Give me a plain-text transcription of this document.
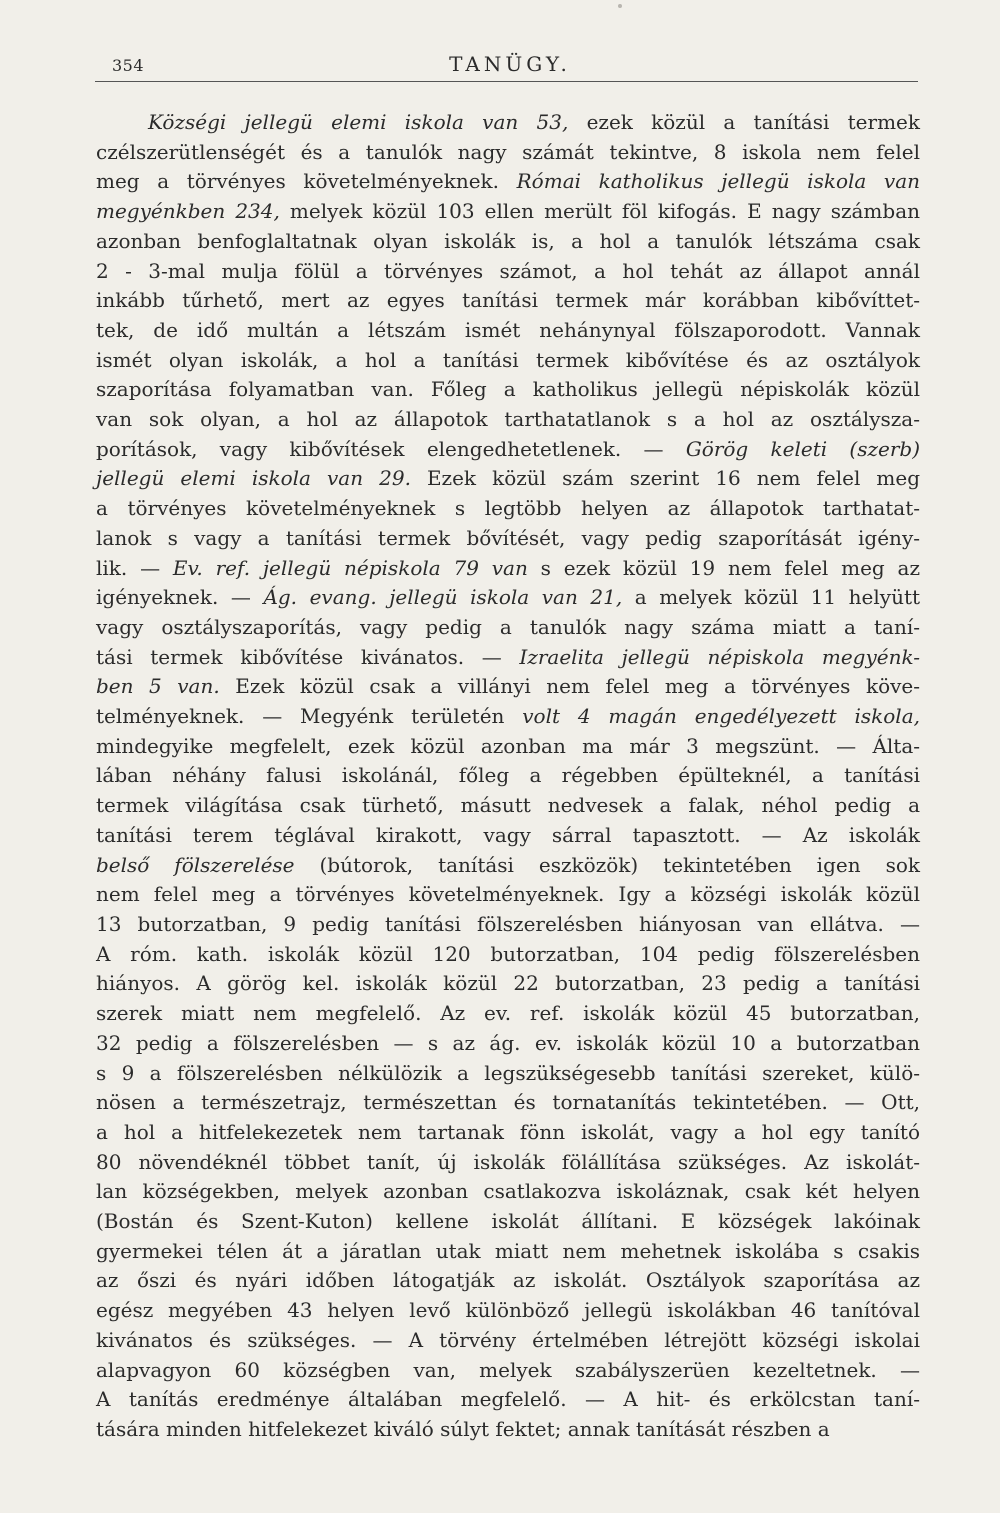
354	TANÜGY.
Községi jellegü elemi iskola van 53, ezek közül a tanítási termek
czélszerütlenségét és a tanulók nagy számát tekintve, 8 iskola nem felel
meg a törvényes követelményeknek. Római katholikus jellegü iskola van
megyénkben 234, melyek közül 103 ellen merült föl kifogás. E nagy számban
azonban benfoglaltatnak olyan iskolák is, a hol a tanulók létszáma csak
2 - 3-mal mulja fölül a törvényes számot, a hol tehát az állapot annál
inkább tűrhető, mert az egyes tanítási termek már korábban kibővíttet-
tek, de idő multán a létszám ismét nehánynyal fölszaporodott. Vannak
ismét olyan iskolák, a hol a tanítási termek kibővítése és az osztályok
szaporítása folyamatban van. Főleg a katholikus jellegü népiskolák közül
van sok olyan, a hol az állapotok tarthatatlanok s a hol az osztálysza-
porítások, vagy kibővítések elengedhetetlenek. — Görög keleti (szerb)
jellegü elemi iskola van 29. Ezek közül szám szerint 16 nem felel meg
a törvényes követelményeknek s legtöbb helyen az állapotok tarthatat-
lanok s vagy a tanítási termek bővítését, vagy pedig szaporítását igény-
lik. — Ev. ref. jellegü népiskola 79 van s ezek közül 19 nem felel meg az
igényeknek. — Ág. evang. jellegü iskola van 21, a melyek közül 11 helyütt
vagy osztályszaporítás, vagy pedig a tanulók nagy száma miatt a taní-
tási termek kibővítése kivánatos. — Izraelita jellegü népiskola megyénk-
ben 5 van. Ezek közül csak a villányi nem felel meg a törvényes köve-
telményeknek. — Megyénk területén volt 4 magán engedélyezett iskola,
mindegyike megfelelt, ezek közül azonban ma már 3 megszünt. — Álta-
lában néhány falusi iskolánál, főleg a régebben épülteknél, a tanítási
termek világítása csak türhető, másutt nedvesek a falak, néhol pedig a
tanítási terem téglával kirakott, vagy sárral tapasztott. — Az iskolák
belső fölszerelése (bútorok, tanítási eszközök) tekintetében igen sok
nem felel meg a törvényes követelményeknek. Igy a községi iskolák közül
13 butorzatban, 9 pedig tanítási fölszerelésben hiányosan van ellátva. —
A róm. kath. iskolák közül 120 butorzatban, 104 pedig fölszerelésben
hiányos. A görög kel. iskolák közül 22 butorzatban, 23 pedig a tanítási
szerek miatt nem megfelelő. Az ev. ref. iskolák közül 45 butorzatban,
32 pedig a fölszerelésben — s az ág. ev. iskolák közül 10 a butorzatban
s 9 a fölszerelésben nélkülözik a legszükségesebb tanítási szereket, külö-
nösen a természetrajz, természettan és tornatanítás tekintetében. — Ott,
a hol a hitfelekezetek nem tartanak fönn iskolát, vagy a hol egy tanító
80 növendéknél többet tanít, új iskolák fölállítása szükséges. Az iskolát-
lan községekben, melyek azonban csatlakozva iskoláznak, csak két helyen
(Bostán és Szent-Kuton) kellene iskolát állítani. E községek lakóinak
gyermekei télen át a járatlan utak miatt nem mehetnek iskolába s csakis
az őszi és nyári időben látogatják az iskolát. Osztályok szaporítása az
egész megyében 43 helyen levő különböző jellegü iskolákban 46 tanítóval
kivánatos és szükséges. — A törvény értelmében létrejött községi iskolai
alapvagyon 60 községben van, melyek szabályszerüen kezeltetnek. —
A tanítás eredménye általában megfelelő. — A hit- és erkölcstan taní-
tására minden hitfelekezet kiváló súlyt fektet; annak tanítását részben a
